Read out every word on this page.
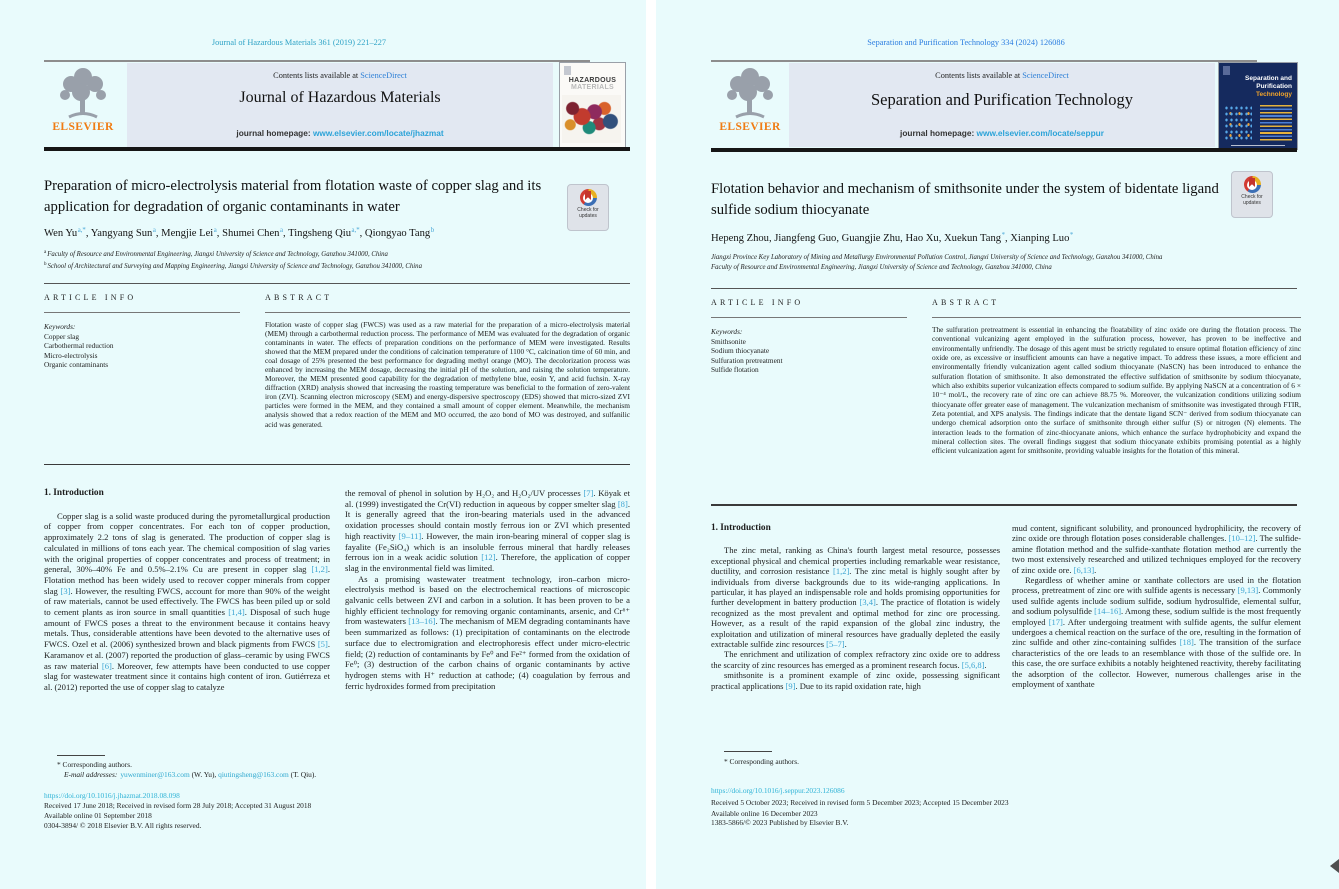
Journal of Hazardous Materials 361 (2019) 221–227
ELSEVIER
Contents lists available at ScienceDirect
Journal of Hazardous Materials
journal homepage: www.elsevier.com/locate/jhazmat
HAZARDOUS
MATERIALS
Preparation of micro-electrolysis material from flotation waste of copper slag and its application for degradation of organic contaminants in water	Check for updates
Wen $Yu^{a,*}$, Yangyang Sun$^a$, Mengjie Lei$^a$, Shumei Chen$^a$, Tingsheng Qiu$^{a,*}$, Qiongyao Tang$^b$
$^a$Faculty of Resource and Environmental Engineering, Jiangxi University of Science and Technology, Ganzhou 341000, China
$^b$School of Architectural and Surveying and Mapping Engineering, Jiangxi University of Science and Technology, Ganzhou 341000, China
ARTICLE INFO	ABSTRACT
Keywords:
Copper slag
Carbothermal reduction
Micro-electrolysis
Organic contaminants
Flotation waste of copper slag (FWCS) was used as a raw material for the preparation of a micro-electrolysis material (MEM) through a carbothermal reduction process. The performance of MEM was evaluated for the degradation of organic contaminants in water. The effects of preparation conditions on the performance of MEM were investigated. Results showed that the MEM prepared under the conditions of calcination temperature of 1100 °C, calcination time of 60 min, and coal dosage of 25% presented the best performance for degrading methyl orange (MO). The decolorization process was enhanced by increasing the MEM dosage, decreasing the initial pH of the solution, and raising the solution temperature. Moreover, the MEM presented good capability for the degradation of methylene blue, eosin Y, and acid fuchsin. X-ray diffraction (XRD) analysis showed that increasing the roasting temperature was beneficial to the formation of zero-valent iron (ZVI). Scanning electron microscopy (SEM) and energy-dispersive spectroscopy (EDS) showed that micro-sized ZVI particles were formed in the MEM, and they contained a small amount of copper element. Meanwhile, the mechanism analysis showed that a redox reaction of the MEM and MO occurred, the azo bond of MO was destroyed, and sulfanilic acid was generated.

1. Introduction

Copper slag is a solid waste produced during the pyrometallurgical production of copper from copper concentrates. For each ton of copper production, approximately 2.2 tons of slag is generated. The production of copper slag is calculated in millions of tons each year. The chemical composition of slag varies with the original properties of copper concentrates and process of treatment; in general, 30%–40% Fe and 0.5%–2.1% Cu are present in copper slag [1,2]. Flotation method has been widely used to recover copper minerals from copper slag [3]. However, the resulting FWCS, account for more than 90% of the weight of raw materials, cannot be used effectively. The FWCS has been piled up or sold to cement plants as iron source in small quantities [1,4]. Disposal of such huge amount of FWCS poses a threat to the environment because it contains heavy metals. Thus, considerable attentions have been devoted to the alternative uses of FWCS. Ozel et al. (2006) synthesized brown and black pigments from FWCS [5]. Karamanov et al. (2007) reported the production of glass–ceramic by using FWCS as raw material [6]. Moreover, few attempts have been conducted to use copper slag for wastewater treatment since it contains high content of iron. Gutiérreza et al. (2012) reported the use of copper slag to catalyze

the removal of phenol in solution by H₂O₂ and H₂O₂/UV processes [7]. Köyak et al. (1999) investigated the Cr(VI) reduction in aqueous by copper smelter slag [8]. It is generally agreed that the iron-bearing materials used in the advanced oxidation processes should contain mostly ferrous ion or ZVI which presented high reactivity [9–11]. However, the main iron-bearing mineral of copper slag is fayalite (Fe₂SiO₄) which is an insoluble ferrous mineral that hardly releases ferrous ion in a weak acidic solution [12]. Therefore, the application of copper slag in the environmental field was limited.

As a promising wastewater treatment technology, iron–carbon micro-electrolysis method is based on the electrochemical reactions of microscopic galvanic cells between ZVI and carbon in a solution. It has been proven to be a highly efficient technology for removing organic contaminants, arsenic, and Cr⁶⁺ from wastewaters [13–16]. The mechanism of MEM degrading contaminants have been summarized as follows: (1) precipitation of contaminants on the electrode surface due to electromigration and electrophoresis effect under micro-electric field; (2) reduction of contaminants by Fe⁰ and Fe²⁺ formed from the oxidation of Fe⁰; (3) destruction of the carbon chains of organic contaminants by active hydrogen stems with H⁺ reduction at cathode; (4) coagulation by ferrous and ferric hydroxides formed from precipitation

* Corresponding authors.
E-mail addresses: yuwenminer@163.com (W. Yu), qiutingsheng@163.com (T. Qiu).
https://doi.org/10.1016/j.jhazmat.2018.08.098
Received 17 June 2018; Received in revised form 28 July 2018; Accepted 31 August 2018
Available online 01 September 2018
0304-3894/ © 2018 Elsevier B.V. All rights reserved.
Separation and Purification Technology 334 (2024) 126086
ELSEVIER
Contents lists available at ScienceDirect
Separation and Purification Technology
journal homepage: www.elsevier.com/locate/seppur
Separation and
Purification
Technology
Flotation behavior and mechanism of smithsonite under the system of bidentate ligand sulfide sodium thiocyanate
Check for updates
Hepeng Zhou, Jiangfeng Guo, Guangjie Zhu, Hao Xu, Xuekun Tang*, Xianping Luo*
Jiangxi Province Key Laboratory of Mining and Metallurgy Environmental Pollution Control, Jiangxi University of Science and Technology, Ganzhou 341000, China
Faculty of Resource and Environmental Engineering, Jiangxi University of Science and Technology, Ganzhou 341000, China
ARTICLE INFO	ABSTRACT
Keywords:
Smithsonite
Sodium thiocyanate
Sulfuration pretreatment
Sulfide flotation
The sulfuration pretreatment is essential in enhancing the floatability of zinc oxide ore during the flotation process. The conventional vulcanizing agent employed in the sulfuration process, however, has proven to be ineffective and environmentally unfriendly. The dosage of this agent must be strictly regulated to ensure optimal flotation efficiency of zinc oxide ore, as excessive or insufficient amounts can have a negative impact. To address these issues, a more efficient and environmentally friendly vulcanization agent called sodium thiocyanate (NaSCN) has been introduced to enhance the sulfuration flotation of smithsonite. It also demonstrated the effective sulfidation of smithsonite by sodium thiocyanate, which also exhibits superior vulcanization effects compared to sodium sulfide. By applying NaSCN at a concentration of 6 × 10⁻⁴ mol/L, the recovery rate of zinc ore can achieve 88.75 %. Moreover, the vulcanization conditions utilizing sodium thiocyanate offer greater ease of management. The vulcanization mechanism of smithsonite was investigated through FTIR, Zeta potential, and XPS analysis. The findings indicate that the dentate ligand SCN⁻ derived from sodium thiocyanate can undergo chemical adsorption onto the surface of smithsonite through either sulfur (S) or nitrogen (N) elements. The interaction leads to the formation of zinc-thiocyanate anions, which enhance the surface hydrophobicity and expand the mineral collection sites. The overall findings suggest that sodium thiocyanate exhibits promising potential as a highly efficient vulcanization agent for smithsonite, providing valuable insights for the flotation of this mineral.

1. Introduction

The zinc metal, ranking as China's fourth largest metal resource, possesses exceptional physical and chemical properties including remarkable wear resistance, ductility, and corrosion resistance [1,2]. The zinc metal is highly sought after by individuals from diverse backgrounds due to its wide-ranging applications. In particular, it has played an indispensable role and holds promising opportunities for further development in battery production [3,4]. The practice of flotation is widely recognized as the most prevalent and optimal method for zinc ore processing. However, as a result of the rapid expansion of the global zinc industry, the exploitation and utilization of mineral resources have gradually depleted the easily extractable sulfide zinc resources [5–7].

The enrichment and utilization of complex refractory zinc oxide ore to address the scarcity of zinc resources has emerged as a prominent research focus. [5,6,8].

smithsonite is a prominent example of zinc oxide, possessing significant practical applications [9]. Due to its rapid oxidation rate, high

mud content, significant solubility, and pronounced hydrophilicity, the recovery of zinc oxide ore through flotation poses considerable challenges. [10–12]. The sulfide-amine flotation method and the sulfide-xanthate flotation method are currently the two most extensively researched and utilized techniques employed for the recovery of zinc oxide ore. [6,13].

Regardless of whether amine or xanthate collectors are used in the flotation process, pretreatment of zinc ore with sulfide agents is necessary [9,13]. Commonly used sulfide agents include sodium sulfide, sodium hydrosulfide, elemental sulfur, and sodium polysulfide [14–16]. Among these, sodium sulfide is the most frequently employed [17]. After undergoing treatment with sulfide agents, the sulfur element undergoes a chemical reaction on the surface of the ore, resulting in the formation of zinc sulfide and other zinc-containing sulfides [18]. The transition of the surface characteristics of the ore leads to an resemblance with those of the sulfide ore. In this case, the ore surface exhibits a notably heightened reactivity, thereby facilitating the adsorption of the collector. However, numerous challenges arise in the employment of xanthate

* Corresponding authors.
https://doi.org/10.1016/j.seppur.2023.126086
Received 5 October 2023; Received in revised form 5 December 2023; Accepted 15 December 2023
Available online 16 December 2023
1383-5866/© 2023 Published by Elsevier B.V.
